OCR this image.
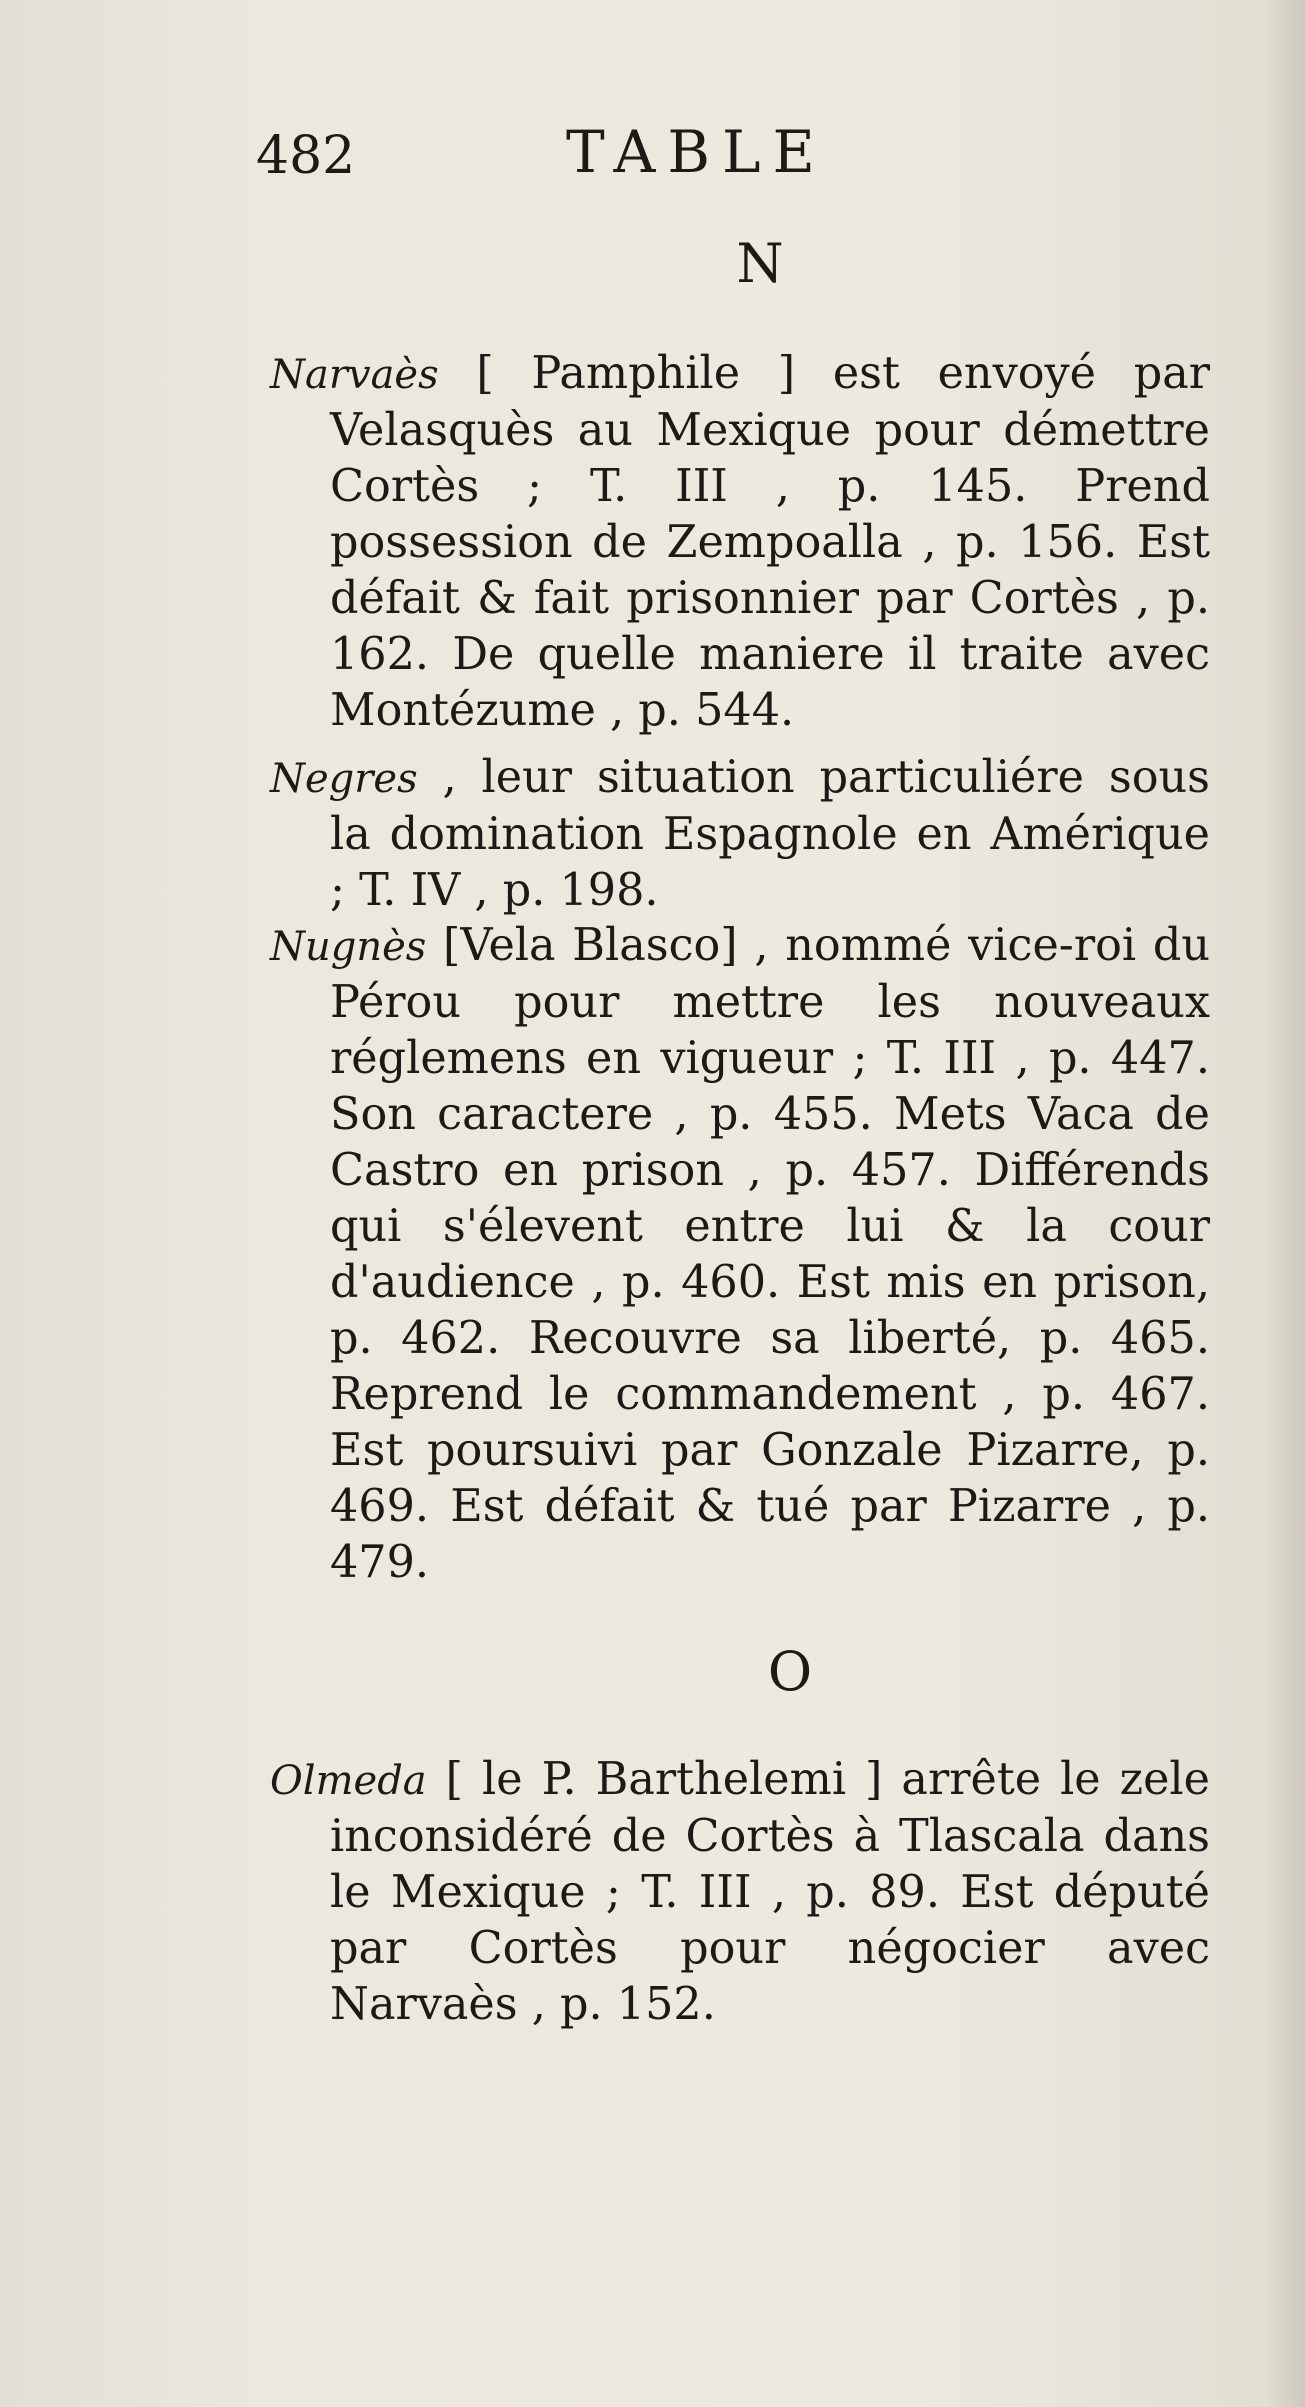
482	TABLE
N

Narvaès [ Pamphile ] est envoyé par Velasquès au Mexique pour démettre Cortès ; T. III , p. 145. Prend possession de Zempoalla , p. 156. Est défait & fait prisonnier par Cortès , p. 162. De quelle maniere il traite avec Montézume , p. 544.

Negres , leur situation particuliére sous la domination Espagnole en Amérique ; T. IV , p. 198.

Nugnès [Vela Blasco] , nommé vice-roi du Pérou pour mettre les nouveaux réglemens en vigueur ; T. III , p. 447. Son caractere , p. 455. Mets Vaca de Castro en prison , p. 457. Différends qui s'élevent entre lui & la cour d'audience , p. 460. Est mis en prison, p. 462. Recouvre sa liberté, p. 465. Reprend le commandement , p. 467. Est poursuivi par Gonzale Pizarre, p. 469. Est défait & tué par Pizarre , p. 479.

O

Olmeda [ le P. Barthelemi ] arrête le zele inconsidéré de Cortès à Tlascala dans le Mexique ; T. III , p. 89. Est député par Cortès pour négocier avec Narvaès , p. 152.
